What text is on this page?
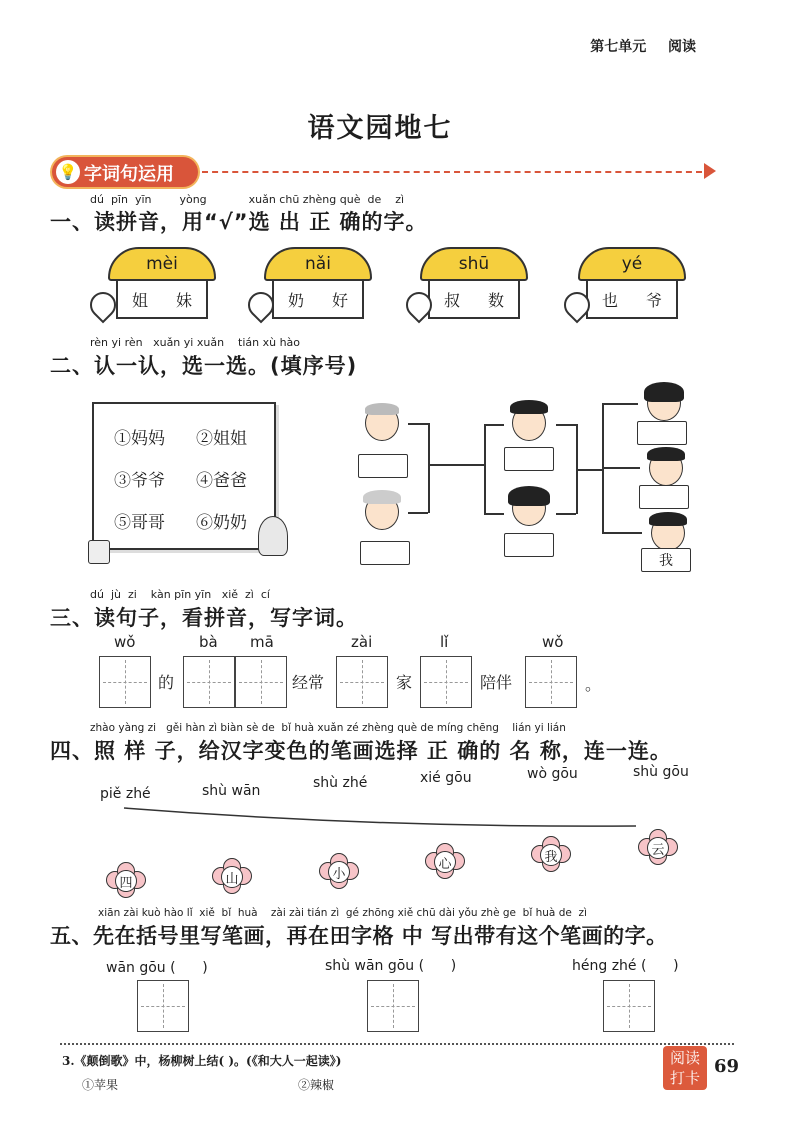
第七单元 阅读
语文园地七
💡 字词句运用
dú  pīn  yīn        yòng            xuǎn chū zhèng què  de    zì
一、读拼音，用“√”选 出 正 确的字。
mèi
姐 妹
nǎi
奶 好
shū
叔 数
yé
也 爷
rèn yi rèn   xuǎn yi xuǎn    tián xù hào
二、认一认，选一选。(填序号)
①妈妈 ②姐姐
③爷爷 ④爸爸
⑤哥哥 ⑥奶奶
我
dú  jù  zi    kàn pīn yīn   xiě  zì  cí
三、读句子，看拼音，写字词。
wǒ	bà mā	zài	lǐ	wǒ
的	经常	家	陪伴	。
zhào yàng zi   gěi hàn zì biàn sè de  bǐ huà xuǎn zé zhèng què de míng chēng    lián yi lián
四、照 样 子，给汉字变色的笔画选择 正 确的 名 称，连一连。
piě zhé	shù wān	shù zhé	xié gōu	wò gōu	shù gōu
四	山	小
心	我	云
xiān zài kuò hào lǐ  xiě  bǐ  huà    zài zài tián zì  gé zhōng xiě chū dài yǒu zhè ge  bǐ huà de  zì
五、先在括号里写笔画，再在田字格 中 写出带有这个笔画的字。
wān gōu (      )	shù wān gōu (      )	héng zhé (      )
3.《颠倒歌》中，杨柳树上结( )。(《和大人一起读》)
①苹果	②辣椒
阅读
打卡
69
